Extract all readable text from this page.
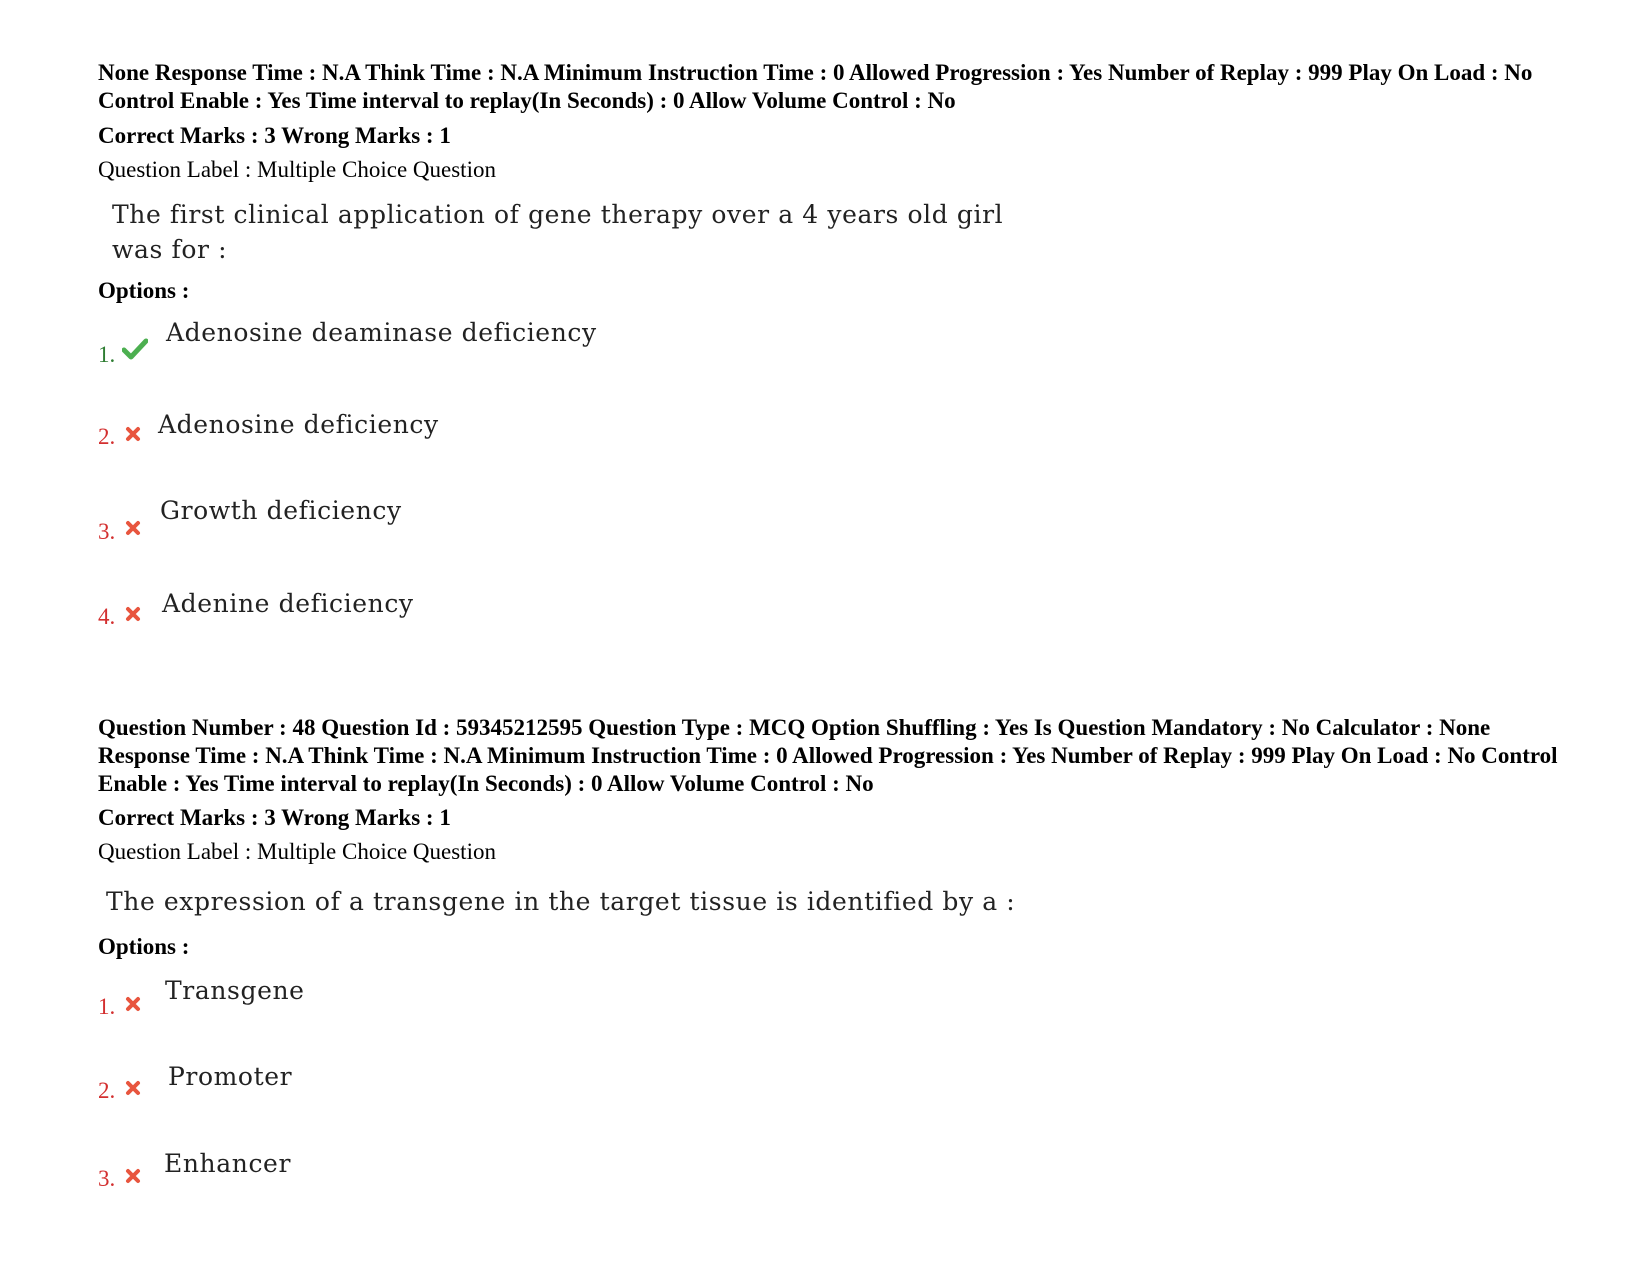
None Response Time : N.A Think Time : N.A Minimum Instruction Time : 0 Allowed Progression : Yes Number of Replay : 999 Play On Load : No Control Enable : Yes Time interval to replay(In Seconds) : 0 Allow Volume Control : No
Correct Marks : 3 Wrong Marks : 1
Question Label : Multiple Choice Question
The first clinical application of gene therapy over a 4 years old girl
was for :
Options :
1.
Adenosine deaminase deficiency
2. Adenosine deficiency
3.
Growth deficiency
4. Adenine deficiency
Question Number : 48 Question Id : 59345212595 Question Type : MCQ Option Shuffling : Yes Is Question Mandatory : No Calculator : None Response Time : N.A Think Time : N.A Minimum Instruction Time : 0 Allowed Progression : Yes Number of Replay : 999 Play On Load : No Control Enable : Yes Time interval to replay(In Seconds) : 0 Allow Volume Control : No
Correct Marks : 3 Wrong Marks : 1
Question Label : Multiple Choice Question
The expression of a transgene in the target tissue is identified by a :
Options :
1.
Transgene
2. Promoter
3.
Enhancer
